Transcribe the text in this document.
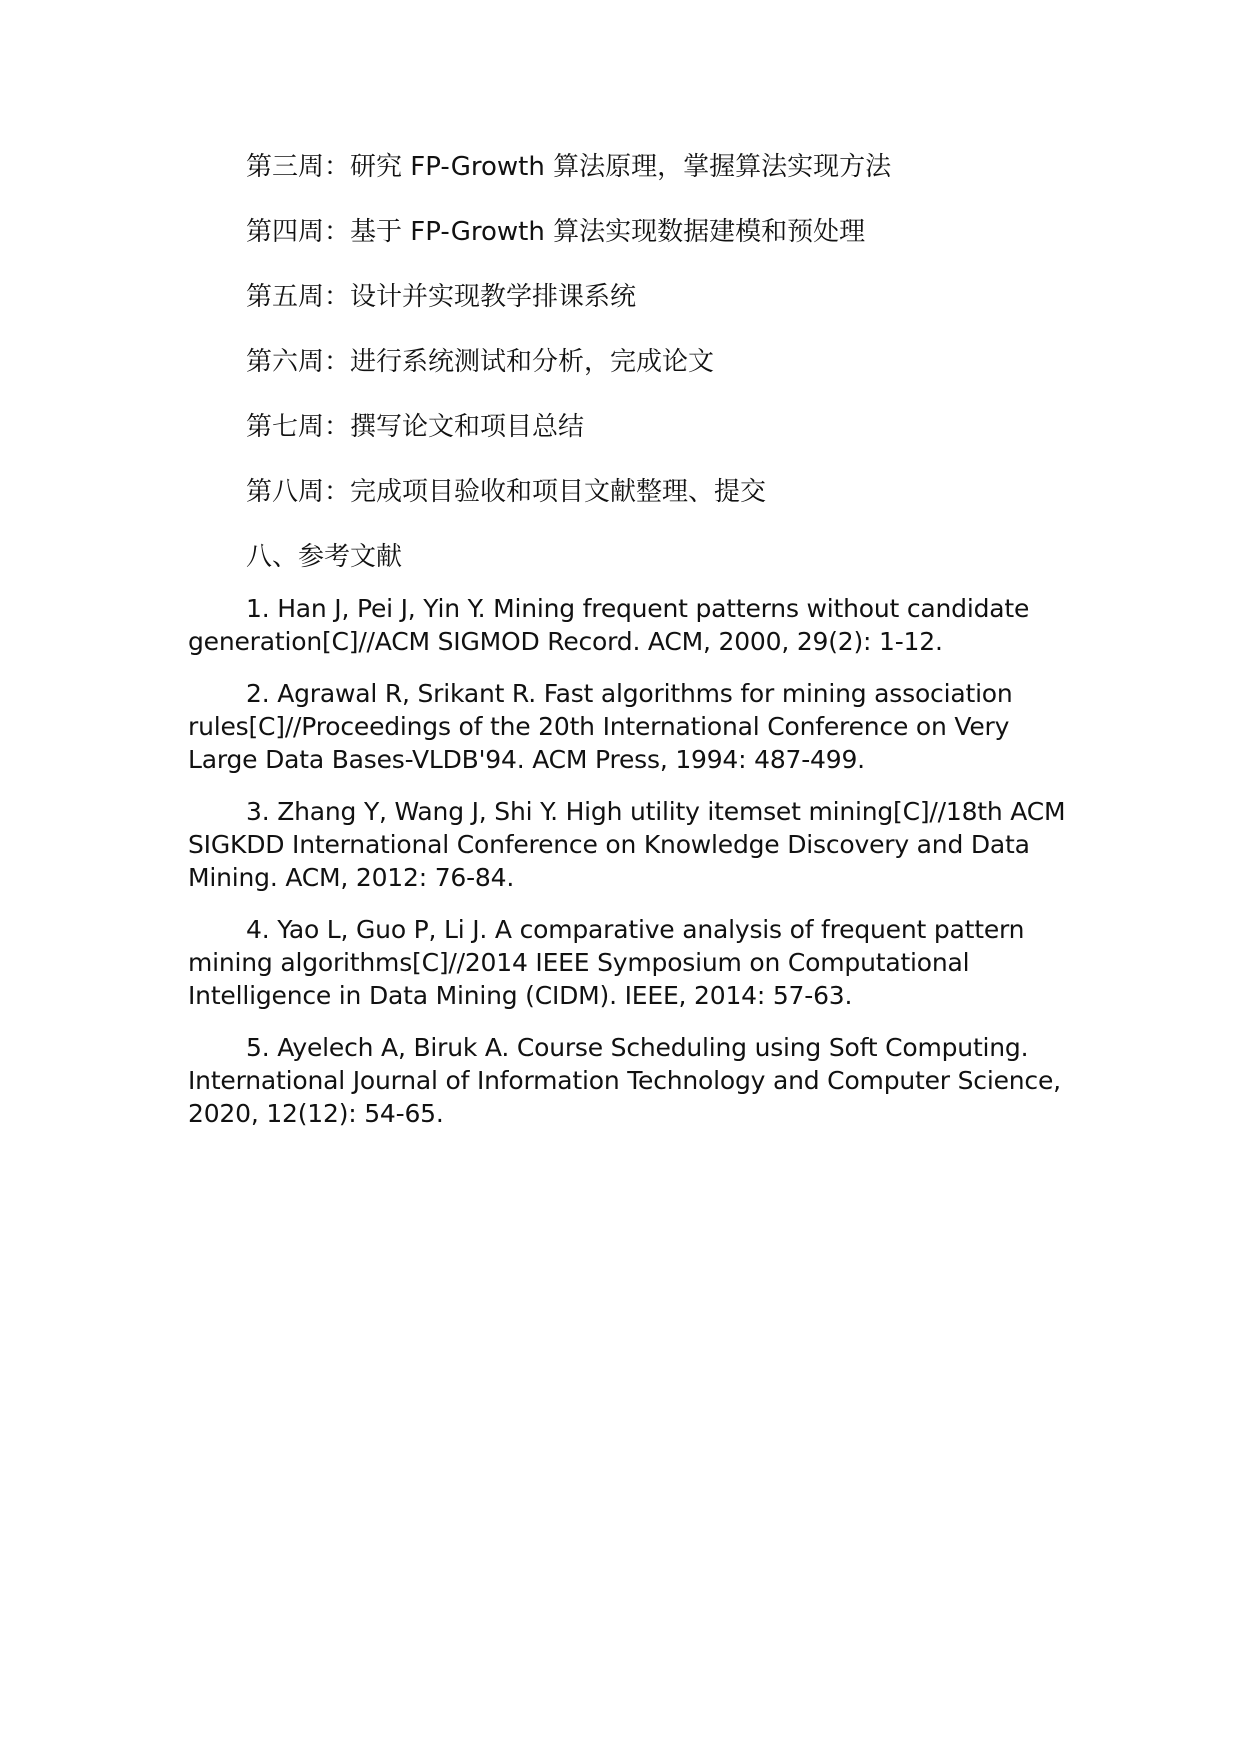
第三周：研究 FP-Growth 算法原理，掌握算法实现方法
第四周：基于 FP-Growth 算法实现数据建模和预处理
第五周：设计并实现教学排课系统
第六周：进行系统测试和分析，完成论文
第七周：撰写论文和项目总结
第八周：完成项目验收和项目文献整理、提交
八、参考文献

1. Han J, Pei J, Yin Y. Mining frequent patterns without candidate generation[C]//ACM SIGMOD Record. ACM, 2000, 29(2): 1-12.

2. Agrawal R, Srikant R. Fast algorithms for mining association rules[C]//Proceedings of the 20th International Conference on Very Large Data Bases-VLDB'94. ACM Press, 1994: 487-499.

3. Zhang Y, Wang J, Shi Y. High utility itemset mining[C]//18th ACM SIGKDD International Conference on Knowledge Discovery and Data Mining. ACM, 2012: 76-84.

4. Yao L, Guo P, Li J. A comparative analysis of frequent pattern mining algorithms[C]//2014 IEEE Symposium on Computational Intelligence in Data Mining (CIDM). IEEE, 2014: 57-63.

5. Ayelech A, Biruk A. Course Scheduling using Soft Computing. International Journal of Information Technology and Computer Science, 2020, 12(12): 54-65.
